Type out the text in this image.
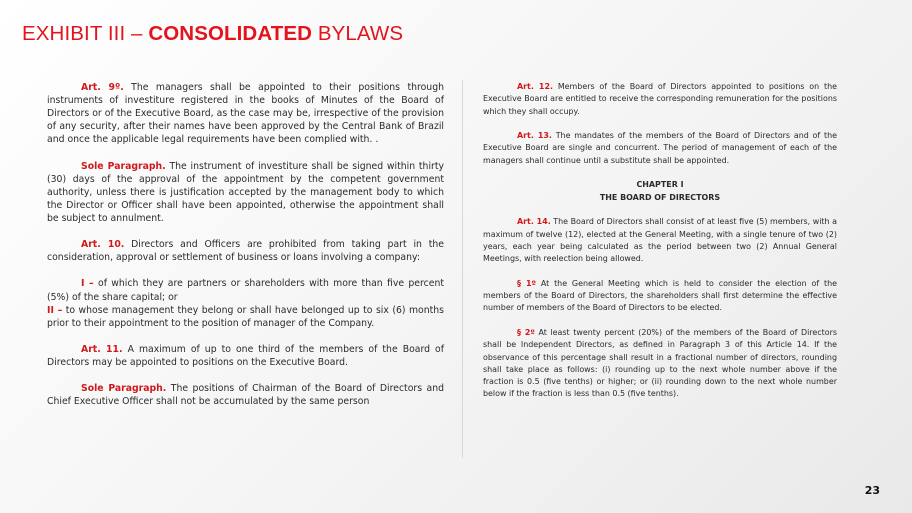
EXHIBIT III – CONSOLIDATED BYLAWS

Art. 9º. The managers shall be appointed to their positions through instruments of investiture registered in the books of Minutes of the Board of Directors or of the Executive Board, as the case may be, irrespective of the provision of any security, after their names have been approved by the Central Bank of Brazil and once the applicable legal requirements have been complied with. .

Sole Paragraph. The instrument of investiture shall be signed within thirty (30) days of the approval of the appointment by the competent government authority, unless there is justification accepted by the management body to which the Director or Officer shall have been appointed, otherwise the appointment shall be subject to annulment.

Art. 10. Directors and Officers are prohibited from taking part in the consideration, approval or settlement of business or loans involving a company:

I – of which they are partners or shareholders with more than five percent (5%) of the share capital; or

II – to whose management they belong or shall have belonged up to six (6) months prior to their appointment to the position of manager of the Company.

Art. 11. A maximum of up to one third of the members of the Board of Directors may be appointed to positions on the Executive Board.

Sole Paragraph. The positions of Chairman of the Board of Directors and Chief Executive Officer shall not be accumulated by the same person

Art. 12. Members of the Board of Directors appointed to positions on the Executive Board are entitled to receive the corresponding remuneration for the positions which they shall occupy.

Art. 13. The mandates of the members of the Board of Directors and of the Executive Board are single and concurrent. The period of management of each of the managers shall continue until a substitute shall be appointed.

CHAPTER I
THE BOARD OF DIRECTORS

Art. 14. The Board of Directors shall consist of at least five (5) members, with a maximum of twelve (12), elected at the General Meeting, with a single tenure of two (2) years, each year being calculated as the period between two (2) Annual General Meetings, with reelection being allowed.

§ 1º At the General Meeting which is held to consider the election of the members of the Board of Directors, the shareholders shall first determine the effective number of members of the Board of Directors to be elected.

§ 2º At least twenty percent (20%) of the members of the Board of Directors shall be Independent Directors, as defined in Paragraph 3 of this Article 14. If the observance of this percentage shall result in a fractional number of directors, rounding shall take place as follows: (i) rounding up to the next whole number above if the fraction is 0.5 (five tenths) or higher; or (ii) rounding down to the next whole number below if the fraction is less than 0.5 (five tenths).

23
